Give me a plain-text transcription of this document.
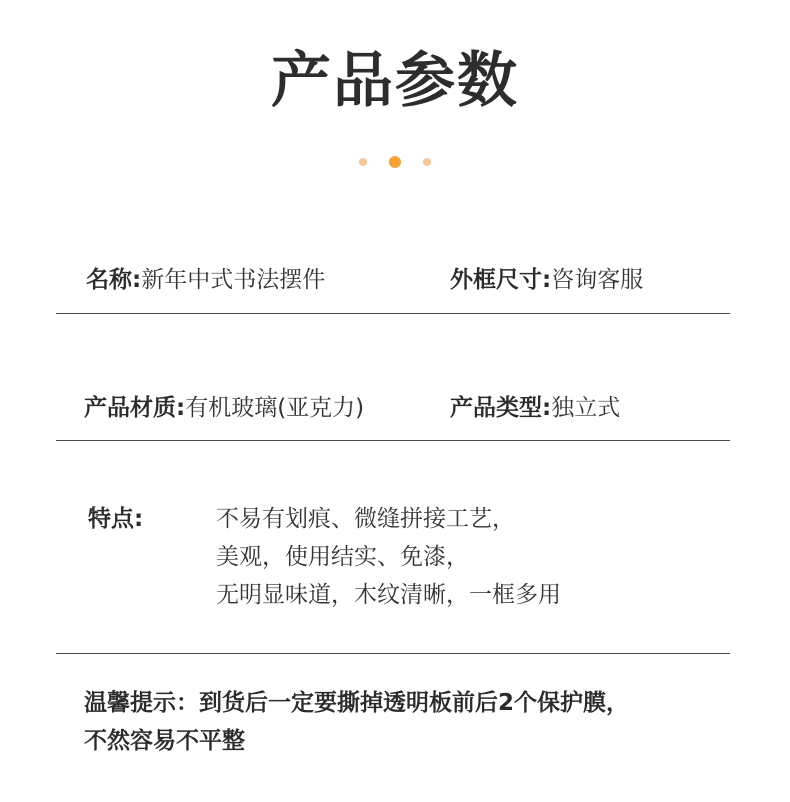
产品参数
名称:新年中式书法摆件	外框尺寸:咨询客服
产品材质:有机玻璃(亚克力)	产品类型:独立式
特点:	不易有划痕、微缝拼接工艺，
美观，使用结实、免漆，
无明显味道，木纹清晰，一框多用
温馨提示：到货后一定要撕掉透明板前后2个保护膜，
不然容易不平整
